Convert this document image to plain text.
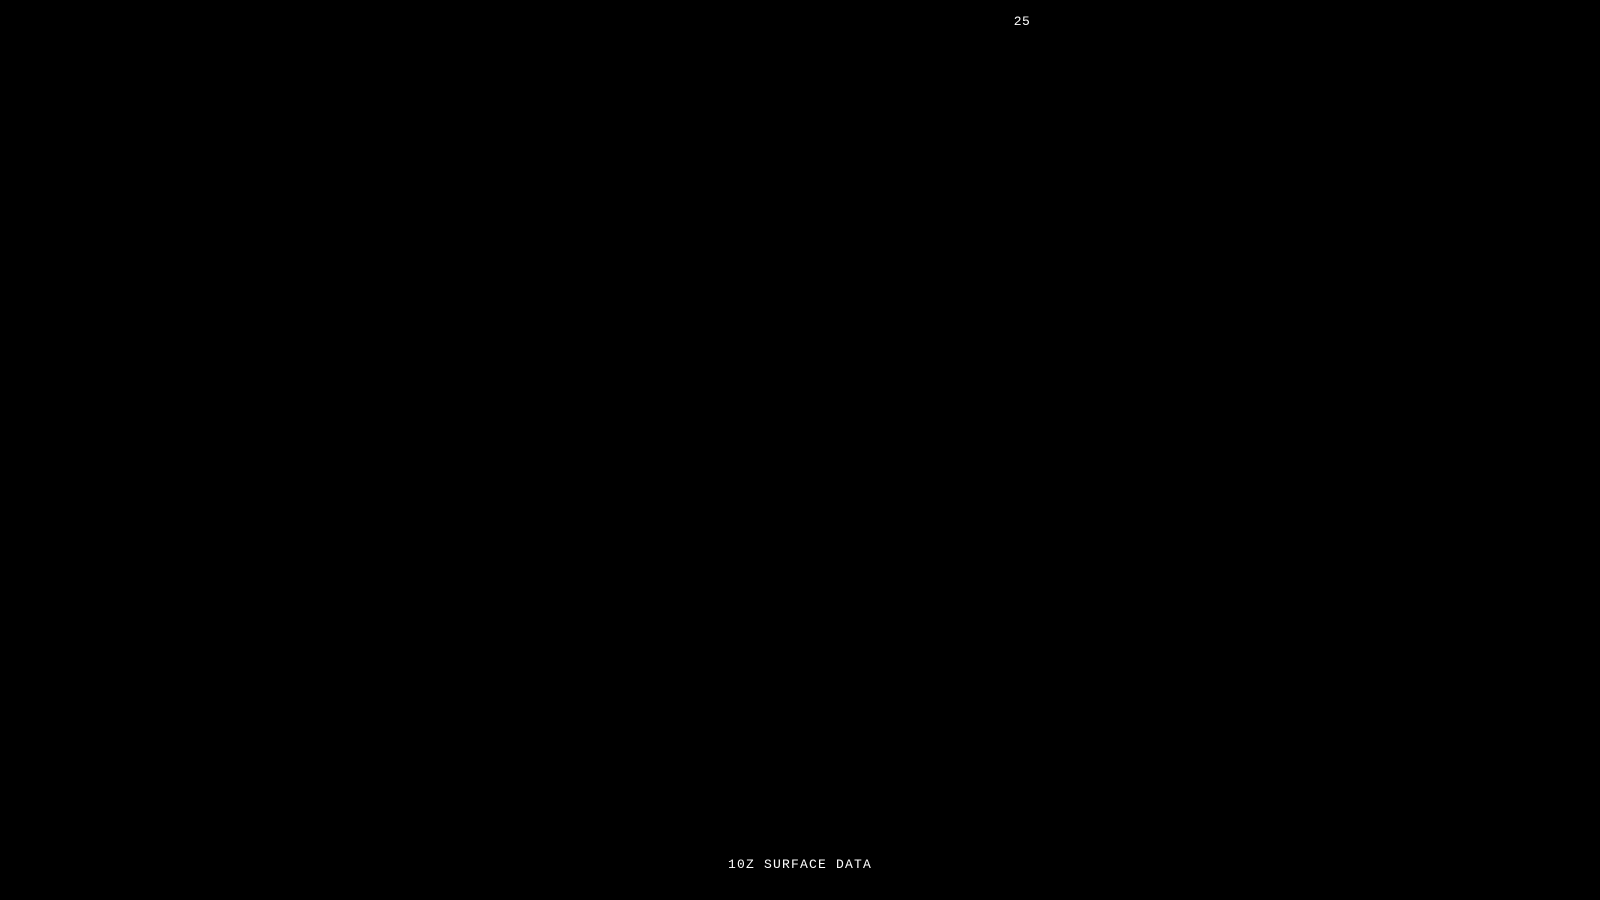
25
10Z SURFACE DATA
